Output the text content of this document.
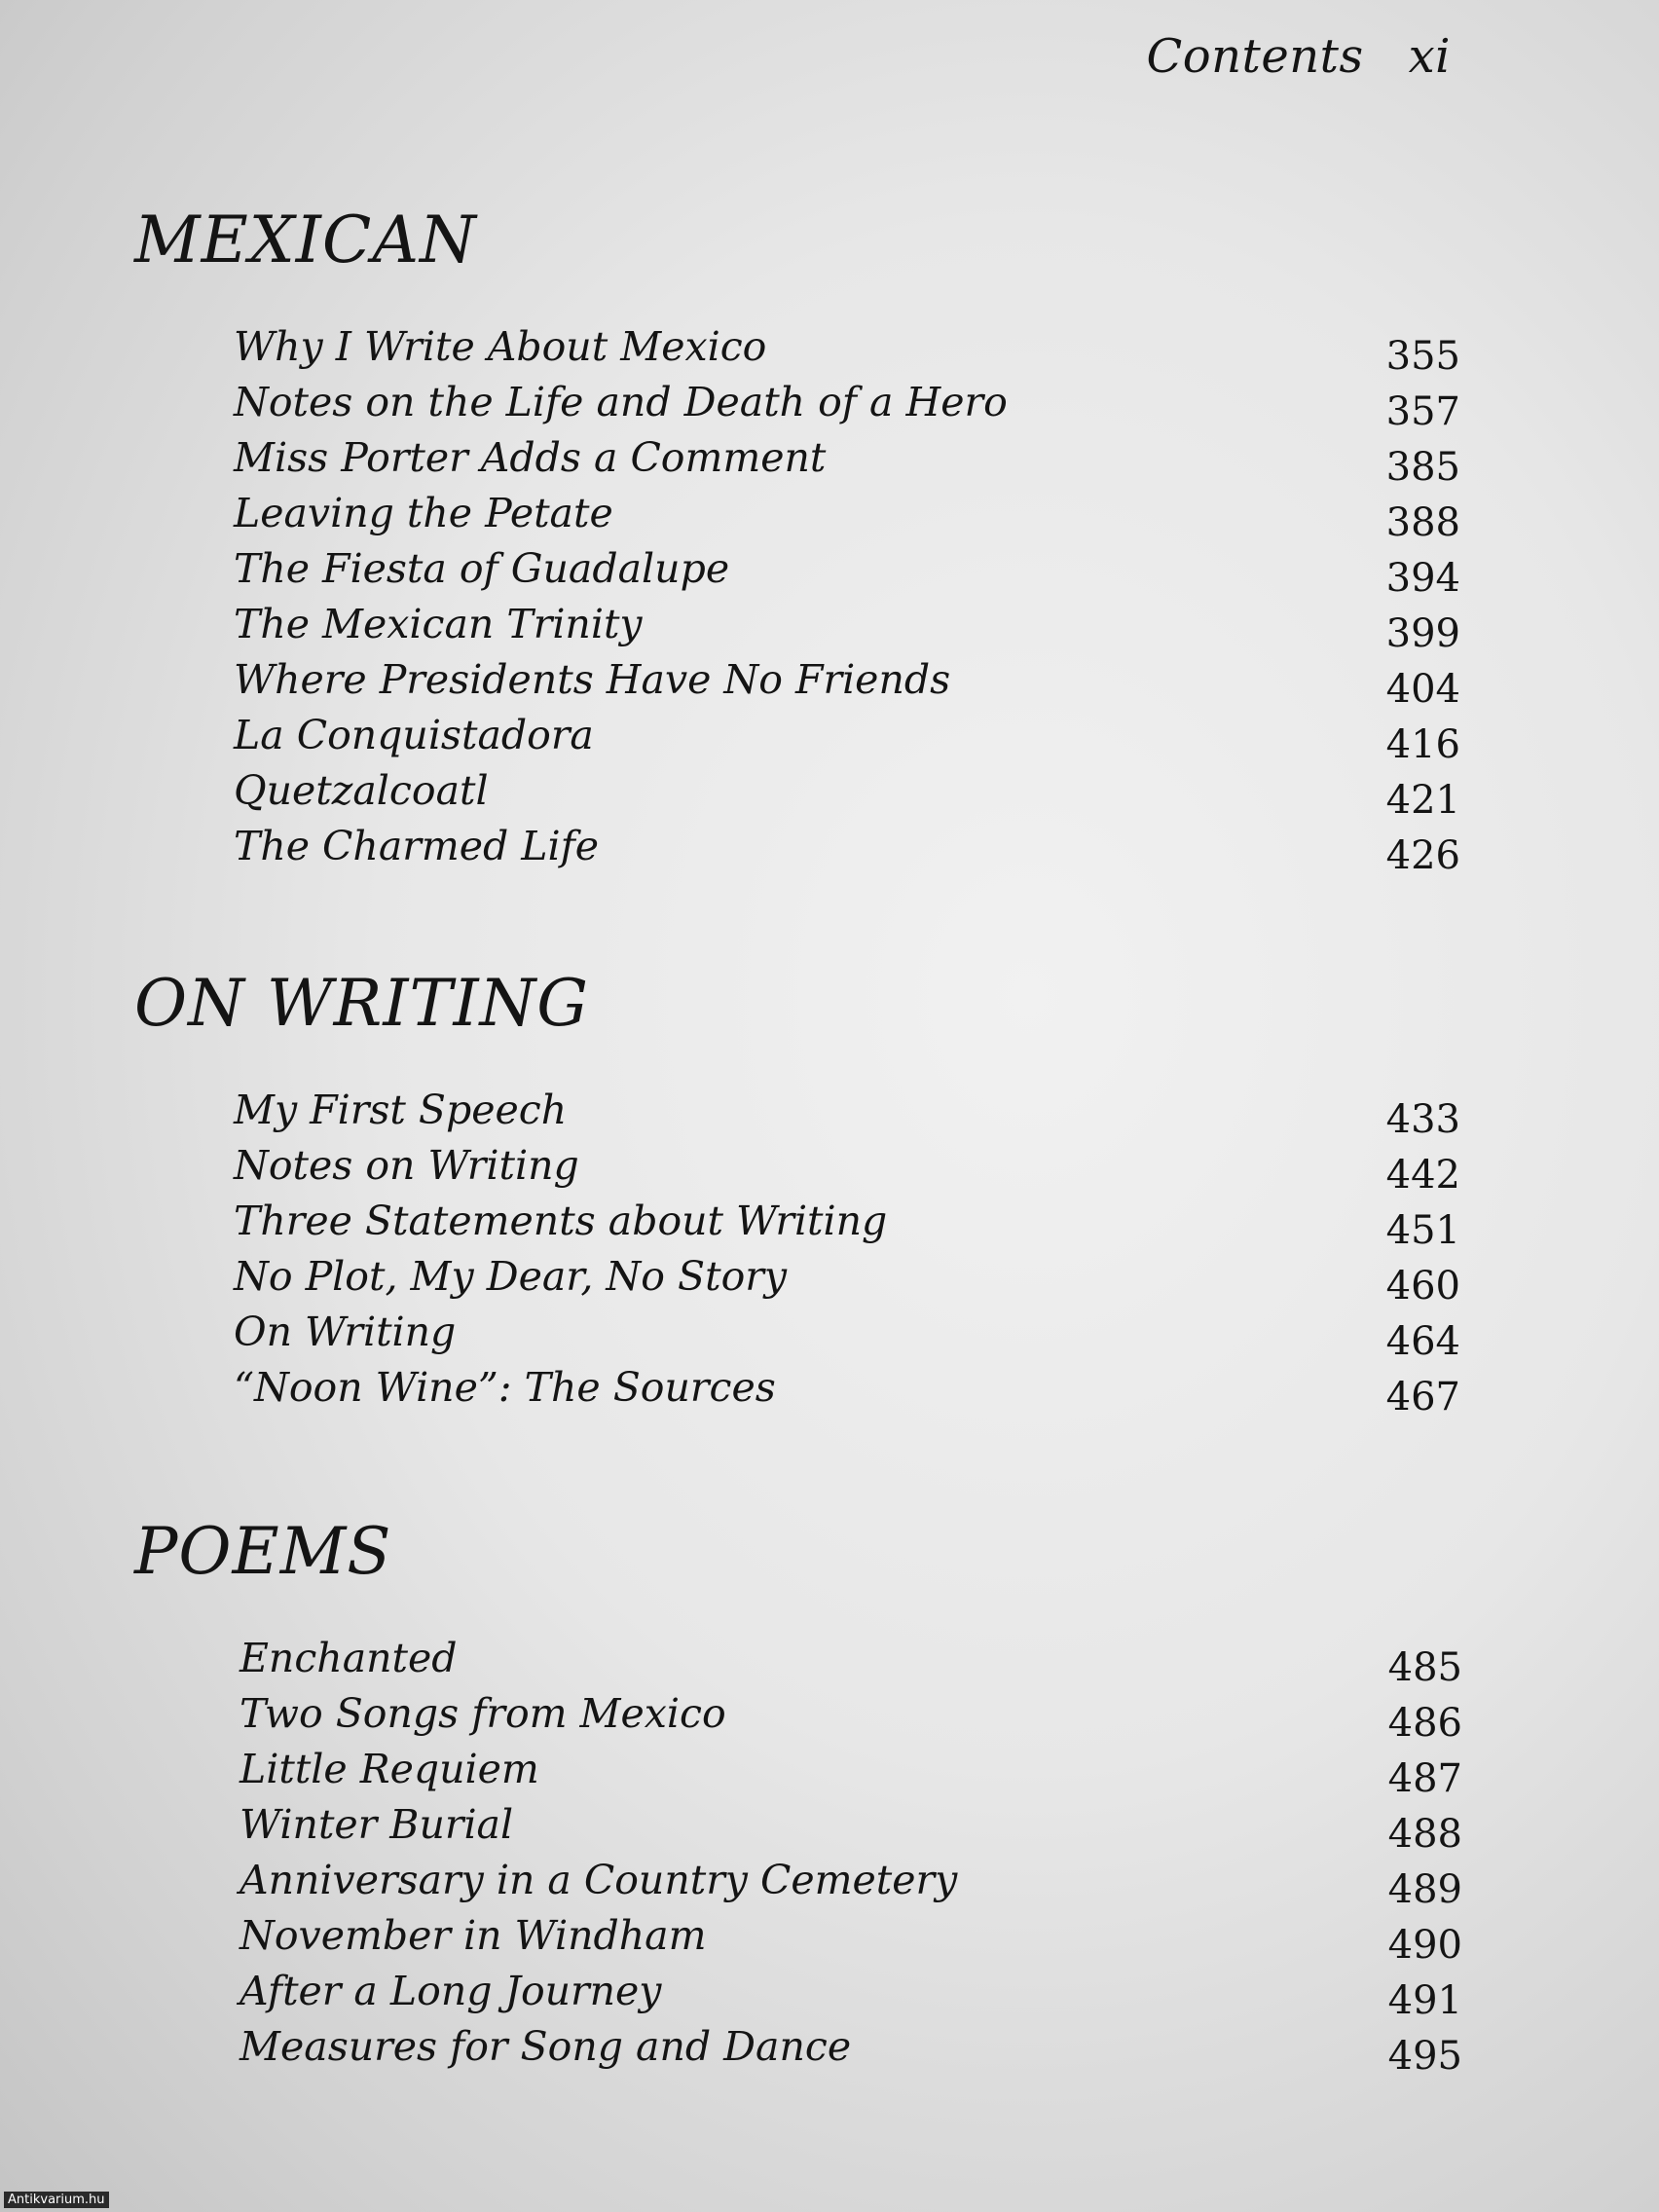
Contents xi
MEXICAN
Why I Write About Mexico	355
Notes on the Life and Death of a Hero	357
Miss Porter Adds a Comment	385
Leaving the Petate	388
The Fiesta of Guadalupe	394
The Mexican Trinity	399
Where Presidents Have No Friends	404
La Conquistadora	416
Quetzalcoatl	421
The Charmed Life	426
ON WRITING
My First Speech	433
Notes on Writing	442
Three Statements about Writing	451
No Plot, My Dear, No Story	460
On Writing	464
“Noon Wine”: The Sources	467
POEMS
Enchanted	485
Two Songs from Mexico	486
Little Requiem	487
Winter Burial	488
Anniversary in a Country Cemetery	489
November in Windham	490
After a Long Journey	491
Measures for Song and Dance	495
Antikvarium.hu
